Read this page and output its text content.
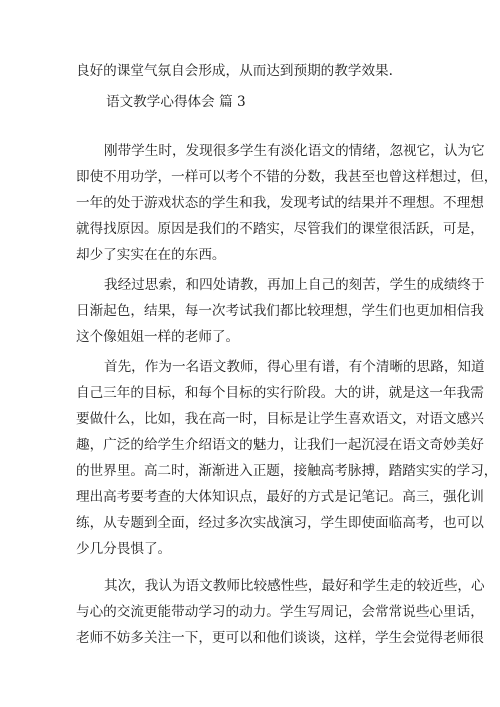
良好的课堂气氛自会形成，从而达到预期的教学效果.
语文教学心得体会 篇 3
刚带学生时，发现很多学生有淡化语文的情绪，忽视它，认为它
即使不用功学，一样可以考个不错的分数，我甚至也曾这样想过，但，
一年的处于游戏状态的学生和我，发现考试的结果并不理想。不理想
就得找原因。原因是我们的不踏实，尽管我们的课堂很活跃，可是，
却少了实实在在的东西。
我经过思索，和四处请教，再加上自己的刻苦，学生的成绩终于
日渐起色，结果，每一次考试我们都比较理想，学生们也更加相信我
这个像姐姐一样的老师了。
首先，作为一名语文教师，得心里有谱，有个清晰的思路，知道
自己三年的目标，和每个目标的实行阶段。大的讲，就是这一年我需
要做什么，比如，我在高一时，目标是让学生喜欢语文，对语文感兴
趣，广泛的给学生介绍语文的魅力，让我们一起沉浸在语文奇妙美好
的世界里。高二时，渐渐进入正题，接触高考脉搏，踏踏实实的学习，
理出高考要考查的大体知识点，最好的方式是记笔记。高三，强化训
练，从专题到全面，经过多次实战演习，学生即使面临高考，也可以
少几分畏惧了。
其次，我认为语文教师比较感性些，最好和学生走的较近些，心
与心的交流更能带动学习的动力。学生写周记，会常常说些心里话，
老师不妨多关注一下，更可以和他们谈谈，这样，学生会觉得老师很
